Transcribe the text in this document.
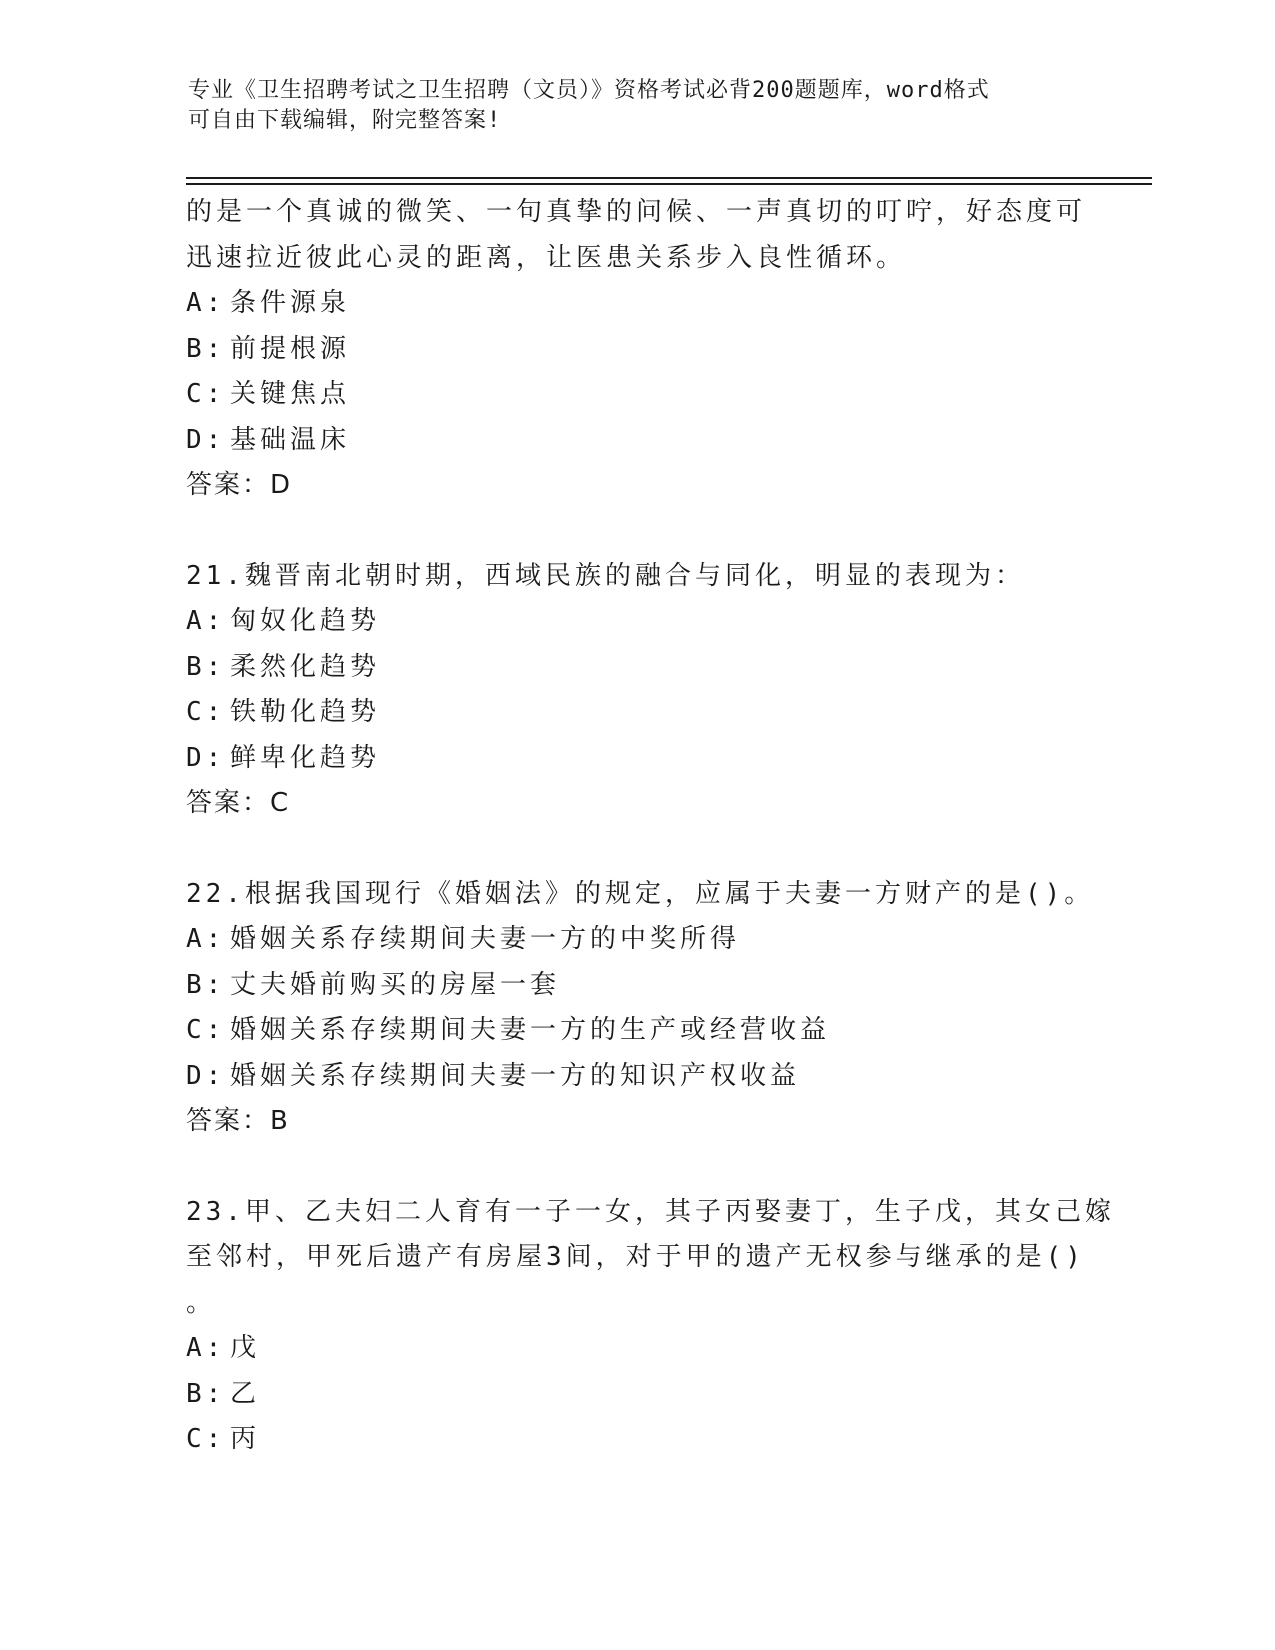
专业《卫生招聘考试之卫生招聘（文员）》资格考试必背200题题库，word格式
可自由下载编辑，附完整答案!
的是一个真诚的微笑、一句真挚的问候、一声真切的叮咛，好态度可
迅速拉近彼此心灵的距离，让医患关系步入良性循环。
A: 条件源泉
B: 前提根源
C: 关键焦点
D: 基础温床
答案：D
21.魏晋南北朝时期，西域民族的融合与同化，明显的表现为：
A: 匈奴化趋势
B: 柔然化趋势
C: 铁勒化趋势
D: 鲜卑化趋势
答案：C
22.根据我国现行《婚姻法》的规定，应属于夫妻一方财产的是()。
A: 婚姻关系存续期间夫妻一方的中奖所得
B: 丈夫婚前购买的房屋一套
C: 婚姻关系存续期间夫妻一方的生产或经营收益
D: 婚姻关系存续期间夫妻一方的知识产权收益
答案：B
23.甲、乙夫妇二人育有一子一女，其子丙娶妻丁，生子戊，其女己嫁
至邻村，甲死后遗产有房屋3间，对于甲的遗产无权参与继承的是()
。
A: 戊
B: 乙
C: 丙
